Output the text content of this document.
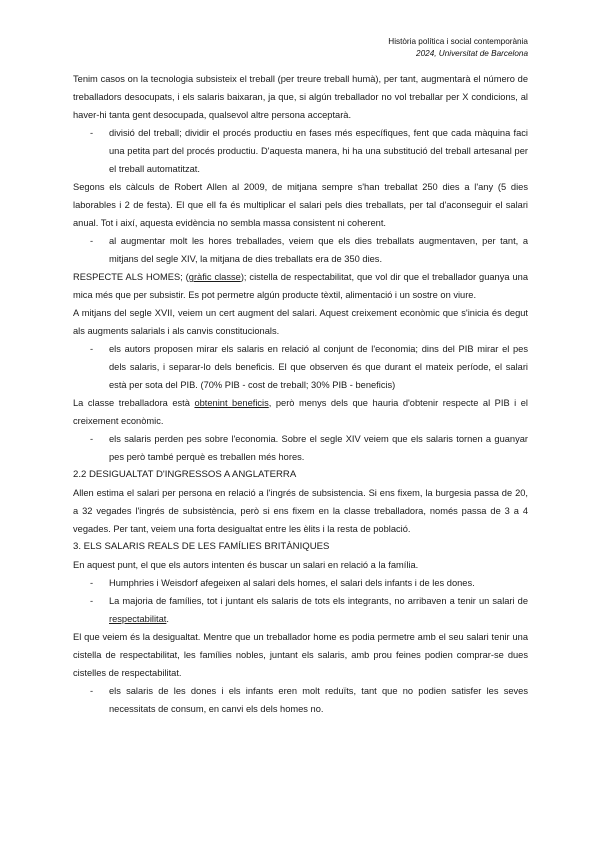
Història política i social contemporània
2024, Universitat de Barcelona

Tenim casos on la tecnologia subsisteix el treball (per treure treball humà), per tant, augmentarà el número de treballadors desocupats, i els salaris baixaran, ja que, si algún treballador no vol treballar per X condicions, al haver-hi tanta gent desocupada, qualsevol altre persona acceptarà.

- divisió del treball; dividir el procés productiu en fases més específiques, fent que cada màquina faci una petita part del procés productiu. D'aquesta manera, hi ha una substitució del treball artesanal per el treball automatitzat.

Segons els càlculs de Robert Allen al 2009, de mitjana sempre s'han treballat 250 dies a l'any (5 dies laborables i 2 de festa). El que ell fa és multiplicar el salari pels dies treballats, per tal d'aconseguir el salari anual. Tot i així, aquesta evidència no sembla massa consistent ni coherent.

- al augmentar molt les hores treballades, veiem que els dies treballats augmentaven, per tant, a mitjans del segle XIV, la mitjana de dies treballats era de 350 dies.

RESPECTE ALS HOMES; (gràfic classe); cistella de respectabilitat, que vol dir que el treballador guanya una mica més que per subsistir. Es pot permetre algún producte tèxtil, alimentació i un sostre on viure.

A mitjans del segle XVII, veiem un cert augment del salari. Aquest creixement econòmic que s'inicia és degut als augments salarials i als canvis constitucionals.

- els autors proposen mirar els salaris en relació al conjunt de l'economia; dins del PIB mirar el pes dels salaris, i separar-lo dels beneficis. El que observen és que durant el mateix període, el salari està per sota del PIB. (70% PIB - cost de treball; 30% PIB - beneficis)

La classe treballadora està obtenint beneficis, però menys dels que hauria d'obtenir respecte al PIB i el creixement econòmic.

- els salaris perden pes sobre l'economia. Sobre el segle XIV veiem que els salaris tornen a guanyar pes però també perquè es treballen més hores.

2.2 DESIGUALTAT D'INGRESSOS A ANGLATERRA

Allen estima el salari per persona en relació a l'ingrés de subsistencia. Si ens fixem, la burgesia passa de 20, a 32 vegades l'ingrés de subsistència, però si ens fixem en la classe treballadora, només passa de 3 a 4 vegades. Per tant, veiem una forta desigualtat entre les èlits i la resta de població.

3. ELS SALARIS REALS DE LES FAMÍLIES BRITÀNIQUES

En aquest punt, el que els autors intenten és buscar un salari en relació a la família.

- Humphries i Weisdorf afegeixen al salari dels homes, el salari dels infants i de les dones.
- La majoria de famílies, tot i juntant els salaris de tots els integrants, no arribaven a tenir un salari de respectabilitat.

El que veiem és la desigualtat. Mentre que un treballador home es podia permetre amb el seu salari tenir una cistella de respectabilitat, les famílies nobles, juntant els salaris, amb prou feines podien comprar-se dues cistelles de respectabilitat.

- els salaris de les dones i els infants eren molt reduïts, tant que no podien satisfer les seves necessitats de consum, en canvi els dels homes no.
